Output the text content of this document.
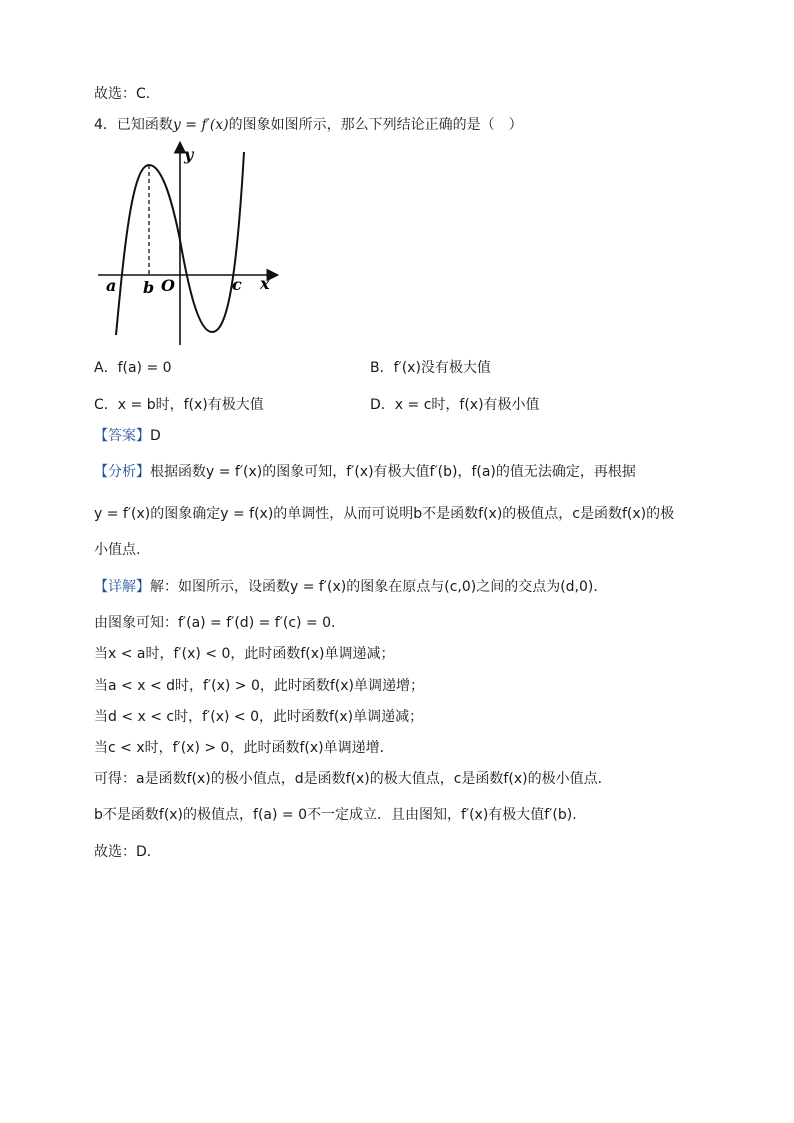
故选：C.
4．已知函数y = f′(x)的图象如图所示，那么下列结论正确的是（　）
y
x
O
a b	c
A．f(a) = 0	B．f′(x)没有极大值
C．x = b时，f(x)有极大值	D．x = c时，f(x)有极小值
【答案】D
【分析】根据函数y = f′(x)的图象可知，f′(x)有极大值f′(b)，f(a)的值无法确定，再根据
y = f′(x)的图象确定y = f(x)的单调性，从而可说明b不是函数f(x)的极值点，c是函数f(x)的极
小值点.
【详解】解：如图所示，设函数y = f′(x)的图象在原点与(c,0)之间的交点为(d,0)．
由图象可知：f′(a) = f′(d) = f′(c) = 0.
当x < a时，f′(x) < 0，此时函数f(x)单调递减；
当a < x < d时，f′(x) > 0，此时函数f(x)单调递增；
当d < x < c时，f′(x) < 0，此时函数f(x)单调递减；
当c < x时，f′(x) > 0，此时函数f(x)单调递增．
可得：a是函数f(x)的极小值点，d是函数f(x)的极大值点，c是函数f(x)的极小值点．
b不是函数f(x)的极值点，f(a) = 0不一定成立．且由图知，f′(x)有极大值f′(b).
故选：D．
